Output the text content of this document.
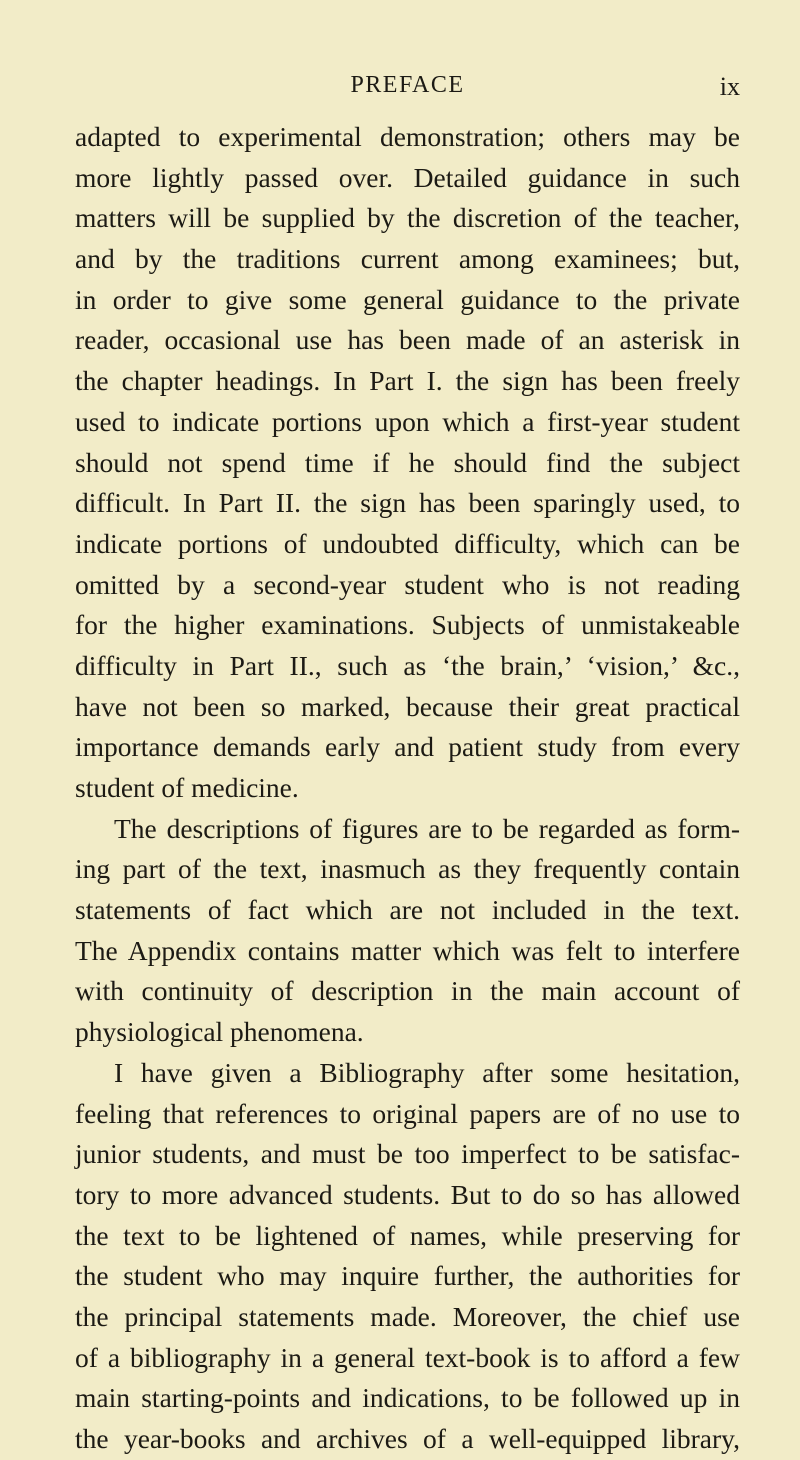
PREFACE	ix
adapted to experimental demonstration; others may be
more lightly passed over. Detailed guidance in such
matters will be supplied by the discretion of the teacher,
and by the traditions current among examinees; but,
in order to give some general guidance to the private
reader, occasional use has been made of an asterisk in
the chapter headings. In Part I. the sign has been freely
used to indicate portions upon which a first-year student
should not spend time if he should find the subject
difficult. In Part II. the sign has been sparingly used, to
indicate portions of undoubted difficulty, which can be
omitted by a second-year student who is not reading
for the higher examinations. Subjects of unmistakeable
difficulty in Part II., such as ‘the brain,’ ‘vision,’ &c.,
have not been so marked, because their great practical
importance demands early and patient study from every
student of medicine.
The descriptions of figures are to be regarded as form-
ing part of the text, inasmuch as they frequently contain
statements of fact which are not included in the text.
The Appendix contains matter which was felt to interfere
with continuity of description in the main account of
physiological phenomena.
I have given a Bibliography after some hesitation,
feeling that references to original papers are of no use to
junior students, and must be too imperfect to be satisfac-
tory to more advanced students. But to do so has allowed
the text to be lightened of names, while preserving for
the student who may inquire further, the authorities for
the principal statements made. Moreover, the chief use
of a bibliography in a general text-book is to afford a few
main starting-points and indications, to be followed up in
the year-books and archives of a well-equipped library,
